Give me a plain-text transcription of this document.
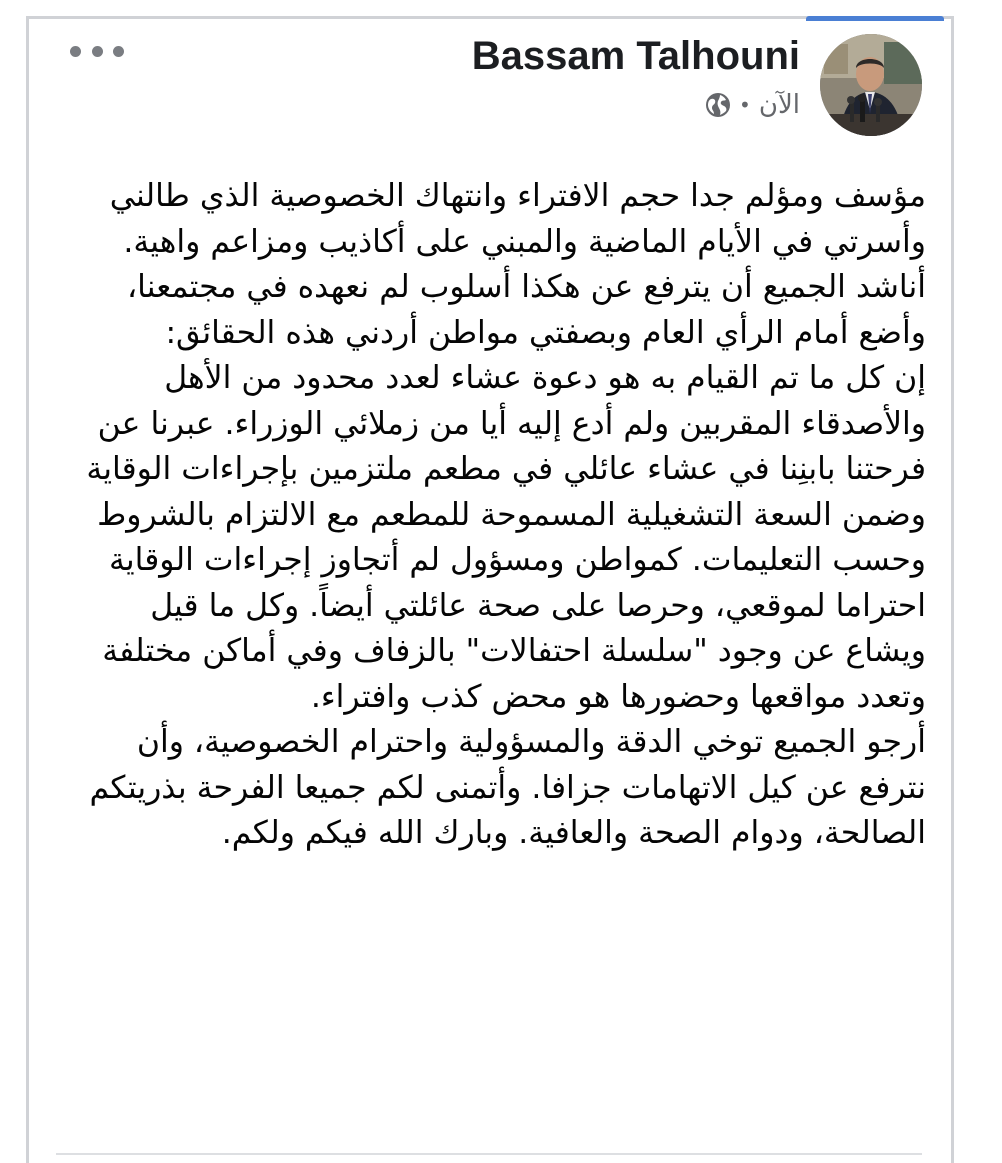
Bassam Talhouni
• الآن

مؤسف ومؤلم جدا حجم الافتراء وانتهاك الخصوصية الذي طالني وأسرتي في الأيام الماضية والمبني على أكاذيب ومزاعم واهية. أناشد الجميع أن يترفع عن هكذا أسلوب لم نعهده في مجتمعنا، وأضع أمام الرأي العام وبصفتي مواطن أردني هذه الحقائق:

إن كل ما تم القيام به هو دعوة عشاء لعدد محدود من الأهل والأصدقاء المقربين ولم أدع إليه أيا من زملائي الوزراء. عبرنا عن فرحتنا بابنِنا في عشاء عائلي في مطعم ملتزمين بإجراءات الوقاية وضمن السعة التشغيلية المسموحة للمطعم مع الالتزام بالشروط وحسب التعليمات. كمواطن ومسؤول لم أتجاوز إجراءات الوقاية احتراما لموقعي، وحرصا على صحة عائلتي أيضاً. وكل ما قيل ويشاع عن وجود "سلسلة احتفالات" بالزفاف وفي أماكن مختلفة وتعدد مواقعها وحضورها هو محض كذب وافتراء.

أرجو الجميع توخي الدقة والمسؤولية واحترام الخصوصية، وأن نترفع عن كيل الاتهامات جزافا. وأتمنى لكم جميعا الفرحة بذريتكم الصالحة، ودوام الصحة والعافية. وبارك الله فيكم ولكم.
